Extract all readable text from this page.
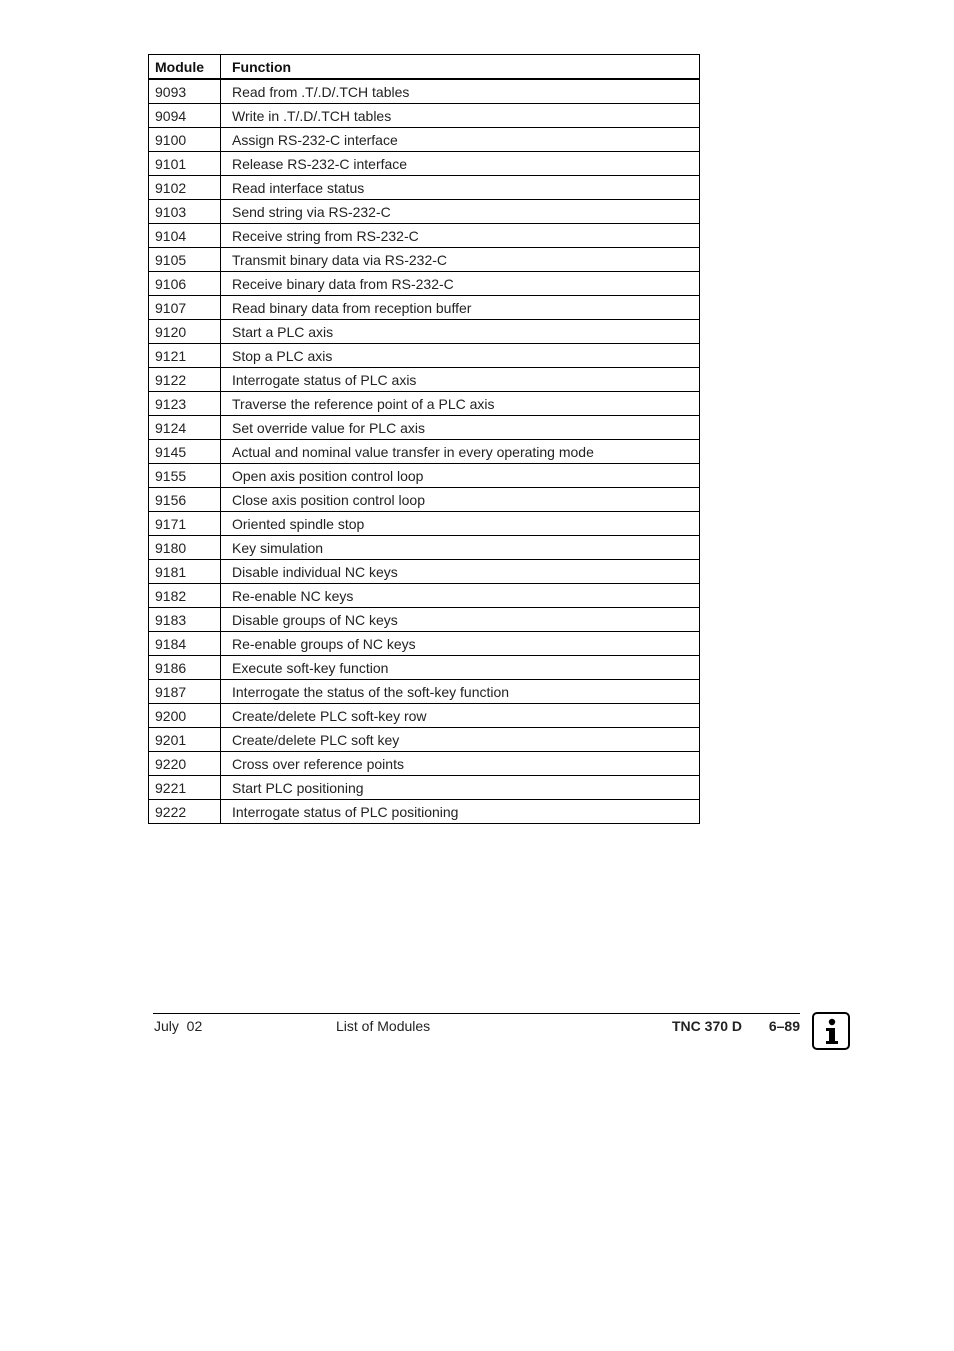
Module	Function
9093	Read from .T/.D/.TCH tables
9094	Write in .T/.D/.TCH tables
9100	Assign RS-232-C interface
9101	Release RS-232-C interface
9102	Read interface status
9103	Send string via RS-232-C
9104	Receive string from RS-232-C
9105	Transmit binary data via RS-232-C
9106	Receive binary data from RS-232-C
9107	Read binary data from reception buffer
9120	Start a PLC axis
9121	Stop a PLC axis
9122	Interrogate status of PLC axis
9123	Traverse the reference point of a PLC axis
9124	Set override value for PLC axis
9145	Actual and nominal value transfer in every operating mode
9155	Open axis position control loop
9156	Close axis position control loop
9171	Oriented spindle stop
9180	Key simulation
9181	Disable individual NC keys
9182	Re-enable NC keys
9183	Disable groups of NC keys
9184	Re-enable groups of NC keys
9186	Execute soft-key function
9187	Interrogate the status of the soft-key function
9200	Create/delete PLC soft-key row
9201	Create/delete PLC soft key
9220	Cross over reference points
9221	Start PLC positioning
9222	Interrogate status of PLC positioning
July  02	List of Modules	TNC 370 D 6–89
